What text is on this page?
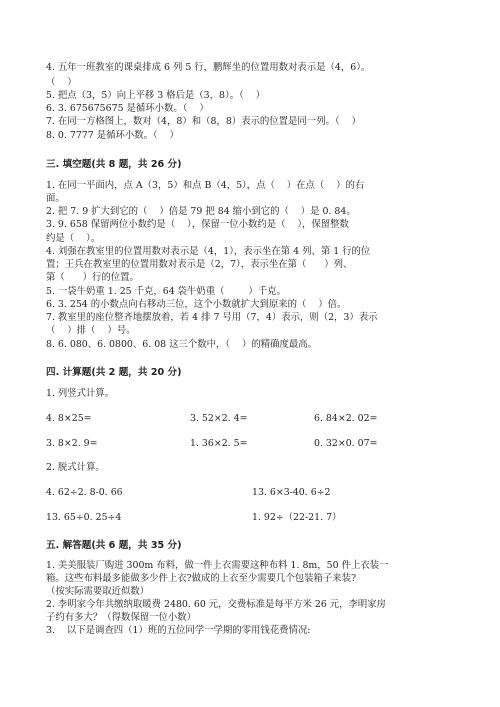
4. 五年一班教室的课桌排成 6 列 5 行，鹏辉坐的位置用数对表示是（4，6）。
（    ）
5. 把点（3，5）向上平移 3 格后是（3，8）。（    ）
6. 3. 675675675 是循环小数。（    ）
7. 在同一方格图上，数对（4，8）和（8，8）表示的位置是同一列。（    ）
8. 0. 7777 是循环小数。（    ）
三. 填空题(共 8 题，共 26 分)
1. 在同一平面内，点 A（3，5）和点 B（4，5），点（    ）在点（    ）的右
面。
2. 把 7. 9 扩大到它的（    ）倍是 79 把 84 缩小到它的（    ）是 0. 84。
3. 9. 658 保留两位小数约是（    ），保留一位小数约是（    ），保留整数
约是（    ）。
4. 刘强在教室里的位置用数对表示是（4，1），表示坐在第 4 列、第 1 行的位
置；王兵在教室里的位置用数对表示是（2，7），表示坐在第（      ）列、
第（      ）行的位置。
5. 一袋牛奶重 1. 25 千克，64 袋牛奶重（        ）千克。
6. 3. 254 的小数点向右移动三位，这个小数就扩大到原来的（    ）倍。
7. 教室里的座位整齐地摆放着，若 4 排 7 号用（7，4）表示，则（2，3）表示
（    ）排（    ）号。
8. 6. 080、6. 0800、6. 08 这三个数中，（    ）的精确度最高。
四. 计算题(共 2 题，共 20 分)
1. 列竖式计算。
4. 8×25=	3. 52×2. 4=	6. 84×2. 02=
3. 8×2. 9=	1. 36×2. 5=	0. 32×0. 07=
2. 脱式计算。
4. 62÷2. 8-0. 66	13. 6×3-40. 6÷2
13. 65÷0. 25÷4	1. 92÷（22-21. 7）
五. 解答题(共 6 题，共 35 分)
1. 美美服装厂购进 300m 布料，做一件上衣需要这种布料 1. 8m，50 件上衣装一
箱。这些布料最多能做多少件上衣?做成的上衣至少需要几个包装箱子来装?
（按实际需要取近似数）
2. 李明家今年共缴纳取暖费 2480. 60 元，交费标准是每平方米 26 元，李明家房
子约有多大？（得数保留一位小数）
3.    以下是调查四（1）班的五位同学一学期的零用钱花费情况:
